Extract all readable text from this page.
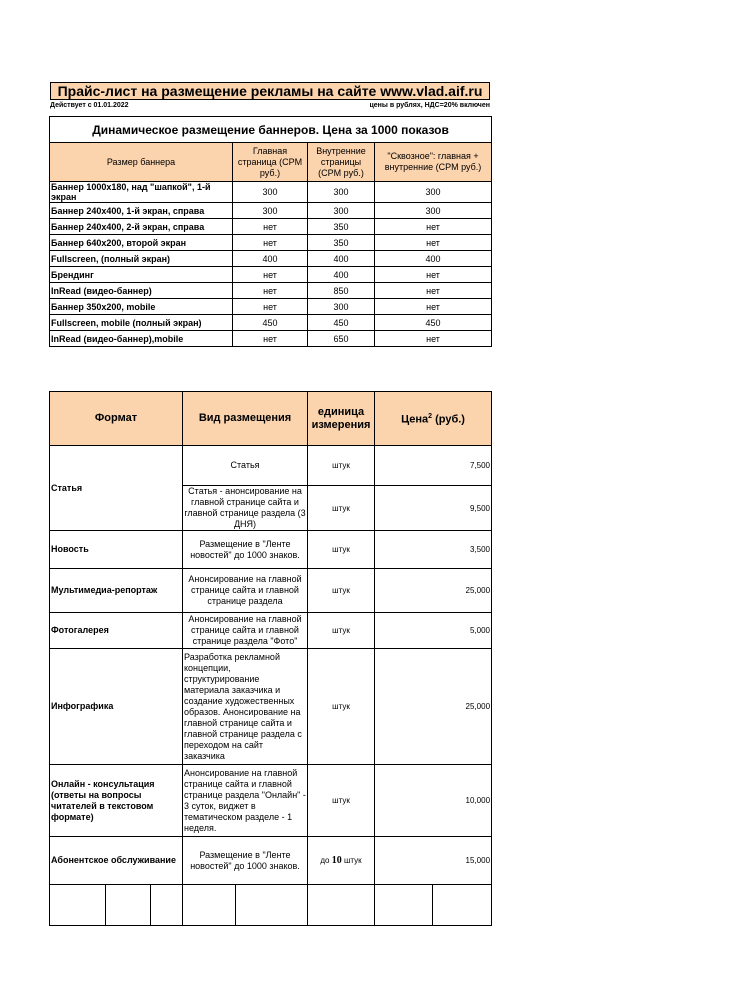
Прайс-лист на размещение рекламы на сайте www.vlad.aif.ru
Действует с 01.01.2022	цены в рублях, НДС=20% включен
Динамическое размещение баннеров. Цена за 1000 показов			
Размер баннера	Главная страница (CPM руб.)	Внутренние страницы (CPM руб.)	"Сквозное": главная + внутренние (CPM руб.)
Баннер 1000х180, над "шапкой", 1-й экран	300	300	300
Баннер 240х400, 1-й экран, справа	300	300	300
Баннер 240х400, 2-й экран, справа	нет	350	нет
Баннер 640х200, второй экран	нет	350	нет
Fullscreen, (полный экран)	400	400	400
Брендинг	нет	400	нет
InRead (видео-баннер)	нет	850	нет
Баннер 350х200, mobile	нет	300	нет
Fullscreen, mobile (полный экран)	450	450	450
InRead (видео-баннер),mobile	нет	650	нет
Формат			Вид размещения		единица измерения	Цена$^2$ (руб.)	
Статья			Статья		штук	7,500	
			Статья - анонсирование на главной странице сайта и главной странице раздела (3 ДНЯ)		штук	9,500	
Новость			Размещение в "Ленте новостей" до 1000 знаков.		штук	3,500	
Мультимедиа-репортаж			Анонсирование на главной странице сайта и главной странице раздела		штук	25,000	
Фотогалерея			Анонсирование на главной странице сайта и главной странице раздела "Фото"		штук	5,000	
Инфографика			Разработка рекламной концепции, структурирование материала заказчика и создание художественных образов. Анонсирование на главной странице сайта и главной странице раздела с переходом на сайт заказчика		штук	25,000	
Онлайн - консультация (ответы на вопросы читателей в текстовом формате)			Анонсирование на главной странице сайта и главной странице раздела "Онлайн" - 3 суток, виджет в тематическом разделе - 1 неделя.		штук	10,000	
Абонентское обслуживание			Размещение в "Ленте новостей" до 1000 знаков.		до 10 штук	15,000	
